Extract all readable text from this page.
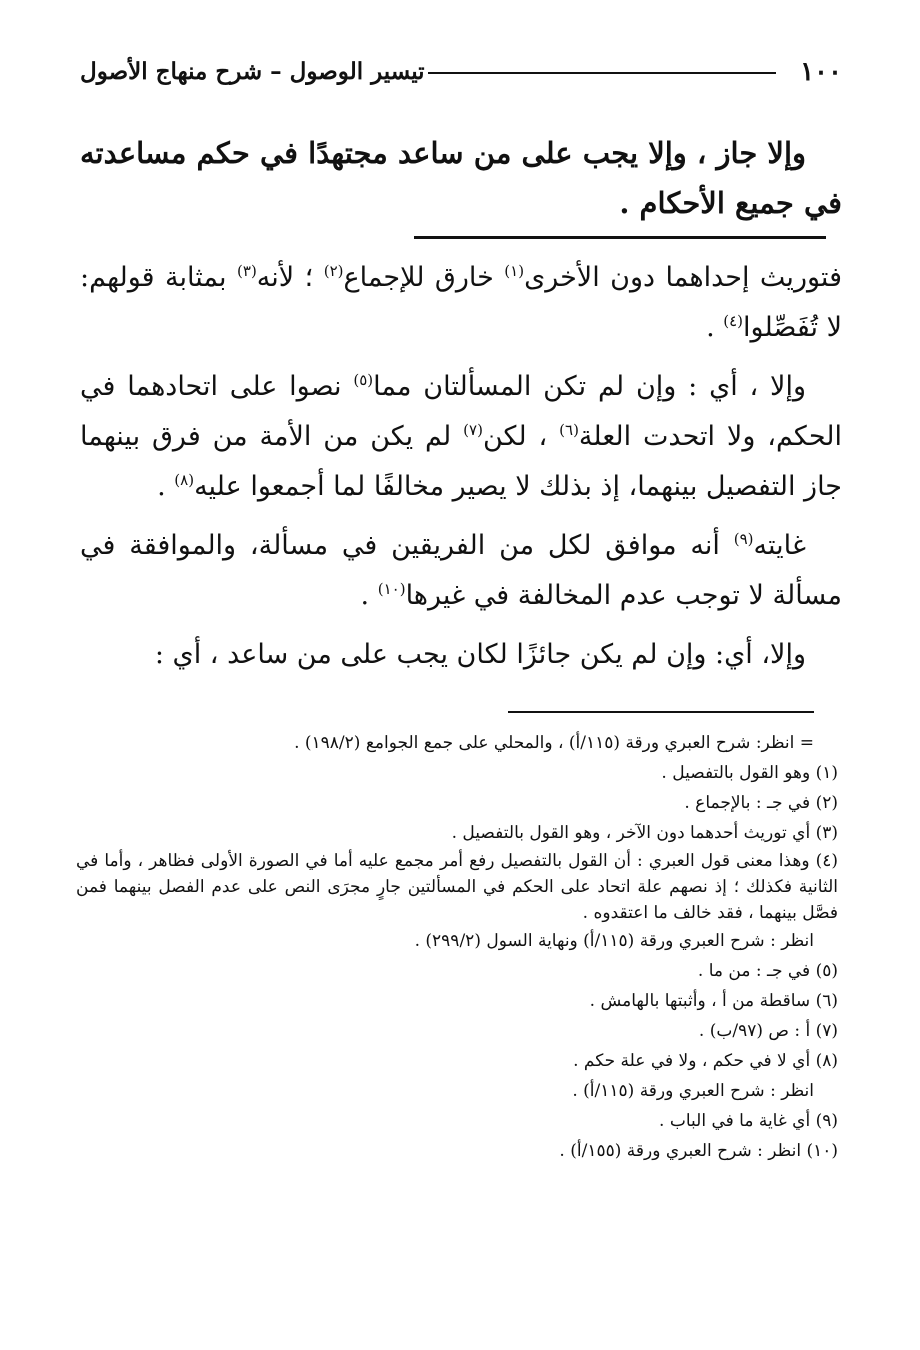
١٠٠
تيسير الوصول – شرح منهاج الأصول

وإلا جاز ، وإلا يجب على من ساعد مجتهدًا في حكم مساعدته في جميع الأحكام .

فتوريث إحداهما دون الأخرى$^{(١)}$ خارق للإجماع$^{(٢)}$ ؛ لأنه$^{(٣)}$ بمثابة قولهم: لا تُفَصِّلوا$^{(٤)}$ .

وإلا ، أي : وإن لم تكن المسألتان مما$^{(٥)}$ نصوا على اتحادهما في الحكم، ولا اتحدت العلة$^{(٦)}$ ، لكن$^{(٧)}$ لم يكن من الأمة من فرق بينهما جاز التفصيل بينهما، إذ بذلك لا يصير مخالفًا لما أجمعوا عليه$^{(٨)}$ .

غايته$^{(٩)}$ أنه موافق لكل من الفريقين في مسألة، والموافقة في مسألة لا توجب عدم المخالفة في غيرها$^{(١٠)}$ .

وإلا، أي: وإن لم يكن جائزًا لكان يجب على من ساعد ، أي :

= انظر: شرح العبري ورقة (١١٥/أ) ، والمحلي على جمع الجوامع (١٩٨/٢) .

(١) وهو القول بالتفصيل .

(٢) في جـ : بالإجماع .

(٣) أي توريث أحدهما دون الآخر ، وهو القول بالتفصيل .

(٤) وهذا معنى قول العبري : أن القول بالتفصيل رفع أمر مجمع عليه أما في الصورة الأولى فظاهر ، وأما في الثانية فكذلك ؛ إذ نصهم علة اتحاد على الحكم في المسألتين جارٍ مجرَى النص على عدم الفصل بينهما فمن فصَّل بينهما ، فقد خالف ما اعتقدوه .

انظر : شرح العبري ورقة (١١٥/أ) ونهاية السول (٢٩٩/٢) .

(٥) في جـ : من ما .

(٦) ساقطة من أ ، وأثبتها بالهامش .

(٧) أ : ص (٩٧/ب) .

(٨) أي لا في حكم ، ولا في علة حكم .

انظر : شرح العبري ورقة (١١٥/أ) .

(٩) أي غاية ما في الباب .

(١٠) انظر : شرح العبري ورقة (١٥٥/أ) .
